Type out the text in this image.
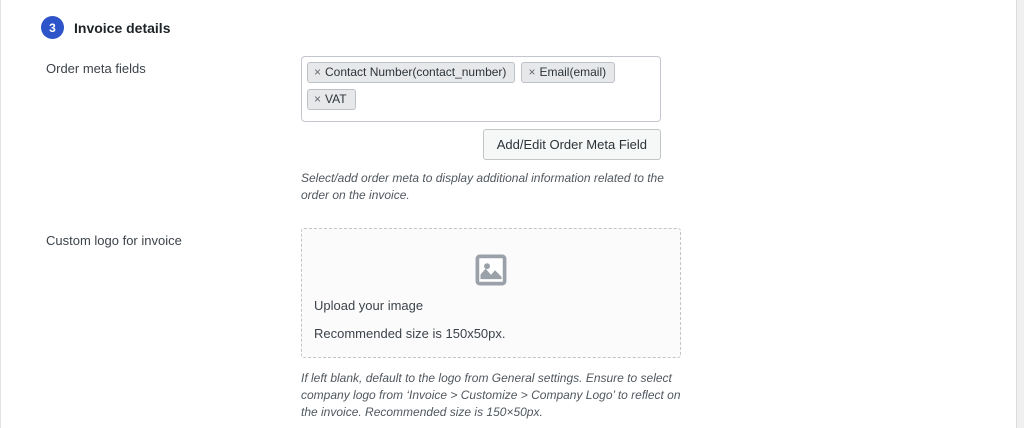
3	Invoice details
Order meta fields	× Contact Number(contact_number) × Email(email)
× VAT
Add/Edit Order Meta Field

Select/add order meta to display additional information related to the order on the invoice.

Custom logo for invoice

Upload your image

Recommended size is 150x50px.

If left blank, default to the logo from General settings. Ensure to select company logo from ‘Invoice > Customize > Company Logo’ to reflect on the invoice. Recommended size is 150×50px.
